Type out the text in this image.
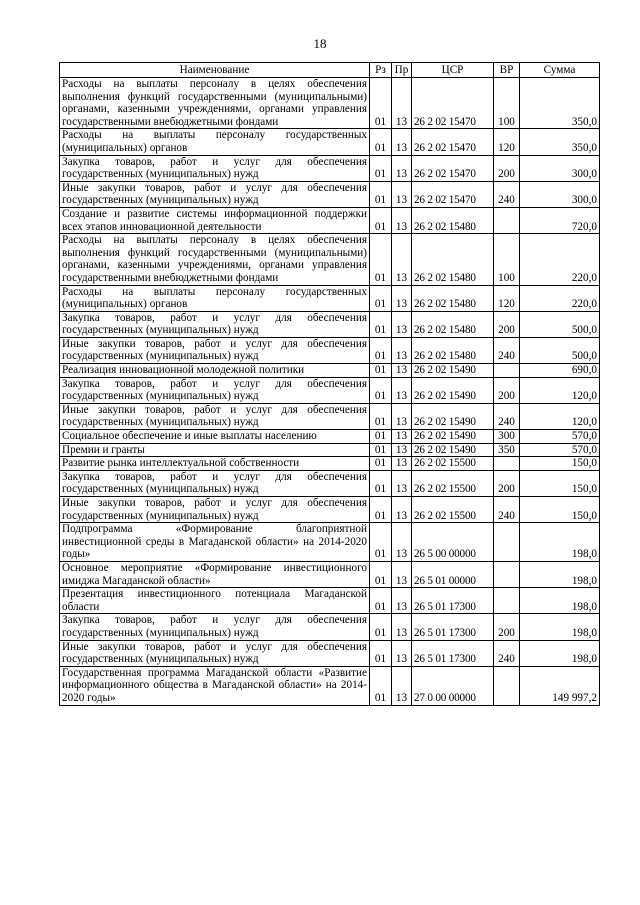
18
Наименование	Рз	Пр	ЦСР	ВР	Сумма
Расходы на выплаты персоналу в целях обеспечения выполнения функций государственными (муниципальными) органами, казенными учреждениями, органами управления государственными внебюджетными фондами	01	13	26 2 02 15470	100	350,0
Расходы на выплаты персоналу государственных (муниципальных) органов	01	13	26 2 02 15470	120	350,0
Закупка товаров, работ и услуг для обеспечения государственных (муниципальных) нужд	01	13	26 2 02 15470	200	300,0
Иные закупки товаров, работ и услуг для обеспечения государственных (муниципальных) нужд	01	13	26 2 02 15470	240	300,0
Создание и развитие системы информационной поддержки всех этапов инновационной деятельности	01	13	26 2 02 15480		720,0
Расходы на выплаты персоналу в целях обеспечения выполнения функций государственными (муниципальными) органами, казенными учреждениями, органами управления государственными внебюджетными фондами	01	13	26 2 02 15480	100	220,0
Расходы на выплаты персоналу государственных (муниципальных) органов	01	13	26 2 02 15480	120	220,0
Закупка товаров, работ и услуг для обеспечения государственных (муниципальных) нужд	01	13	26 2 02 15480	200	500,0
Иные закупки товаров, работ и услуг для обеспечения государственных (муниципальных) нужд	01	13	26 2 02 15480	240	500,0
Реализация инновационной молодежной политики	01	13	26 2 02 15490		690,0
Закупка товаров, работ и услуг для обеспечения государственных (муниципальных) нужд	01	13	26 2 02 15490	200	120,0
Иные закупки товаров, работ и услуг для обеспечения государственных (муниципальных) нужд	01	13	26 2 02 15490	240	120,0
Социальное обеспечение и иные выплаты населению	01	13	26 2 02 15490	300	570,0
Премии и гранты	01	13	26 2 02 15490	350	570,0
Развитие рынка интеллектуальной собственности	01	13	26 2 02 15500		150,0
Закупка товаров, работ и услуг для обеспечения государственных (муниципальных) нужд	01	13	26 2 02 15500	200	150,0
Иные закупки товаров, работ и услуг для обеспечения государственных (муниципальных) нужд	01	13	26 2 02 15500	240	150,0
Подпрограмма «Формирование благоприятной инвестиционной среды в Магаданской области» на 2014-2020 годы»	01	13	26 5 00 00000		198,0
Основное мероприятие «Формирование инвестиционного имиджа Магаданской области»	01	13	26 5 01 00000		198,0
Презентация инвестиционного потенциала Магаданской области	01	13	26 5 01 17300		198,0
Закупка товаров, работ и услуг для обеспечения государственных (муниципальных) нужд	01	13	26 5 01 17300	200	198,0
Иные закупки товаров, работ и услуг для обеспечения государственных (муниципальных) нужд	01	13	26 5 01 17300	240	198,0
Государственная программа Магаданской области «Развитие информационного общества в Магаданской области» на 2014-2020 годы»	01	13	27 0 00 00000		149 997,2
